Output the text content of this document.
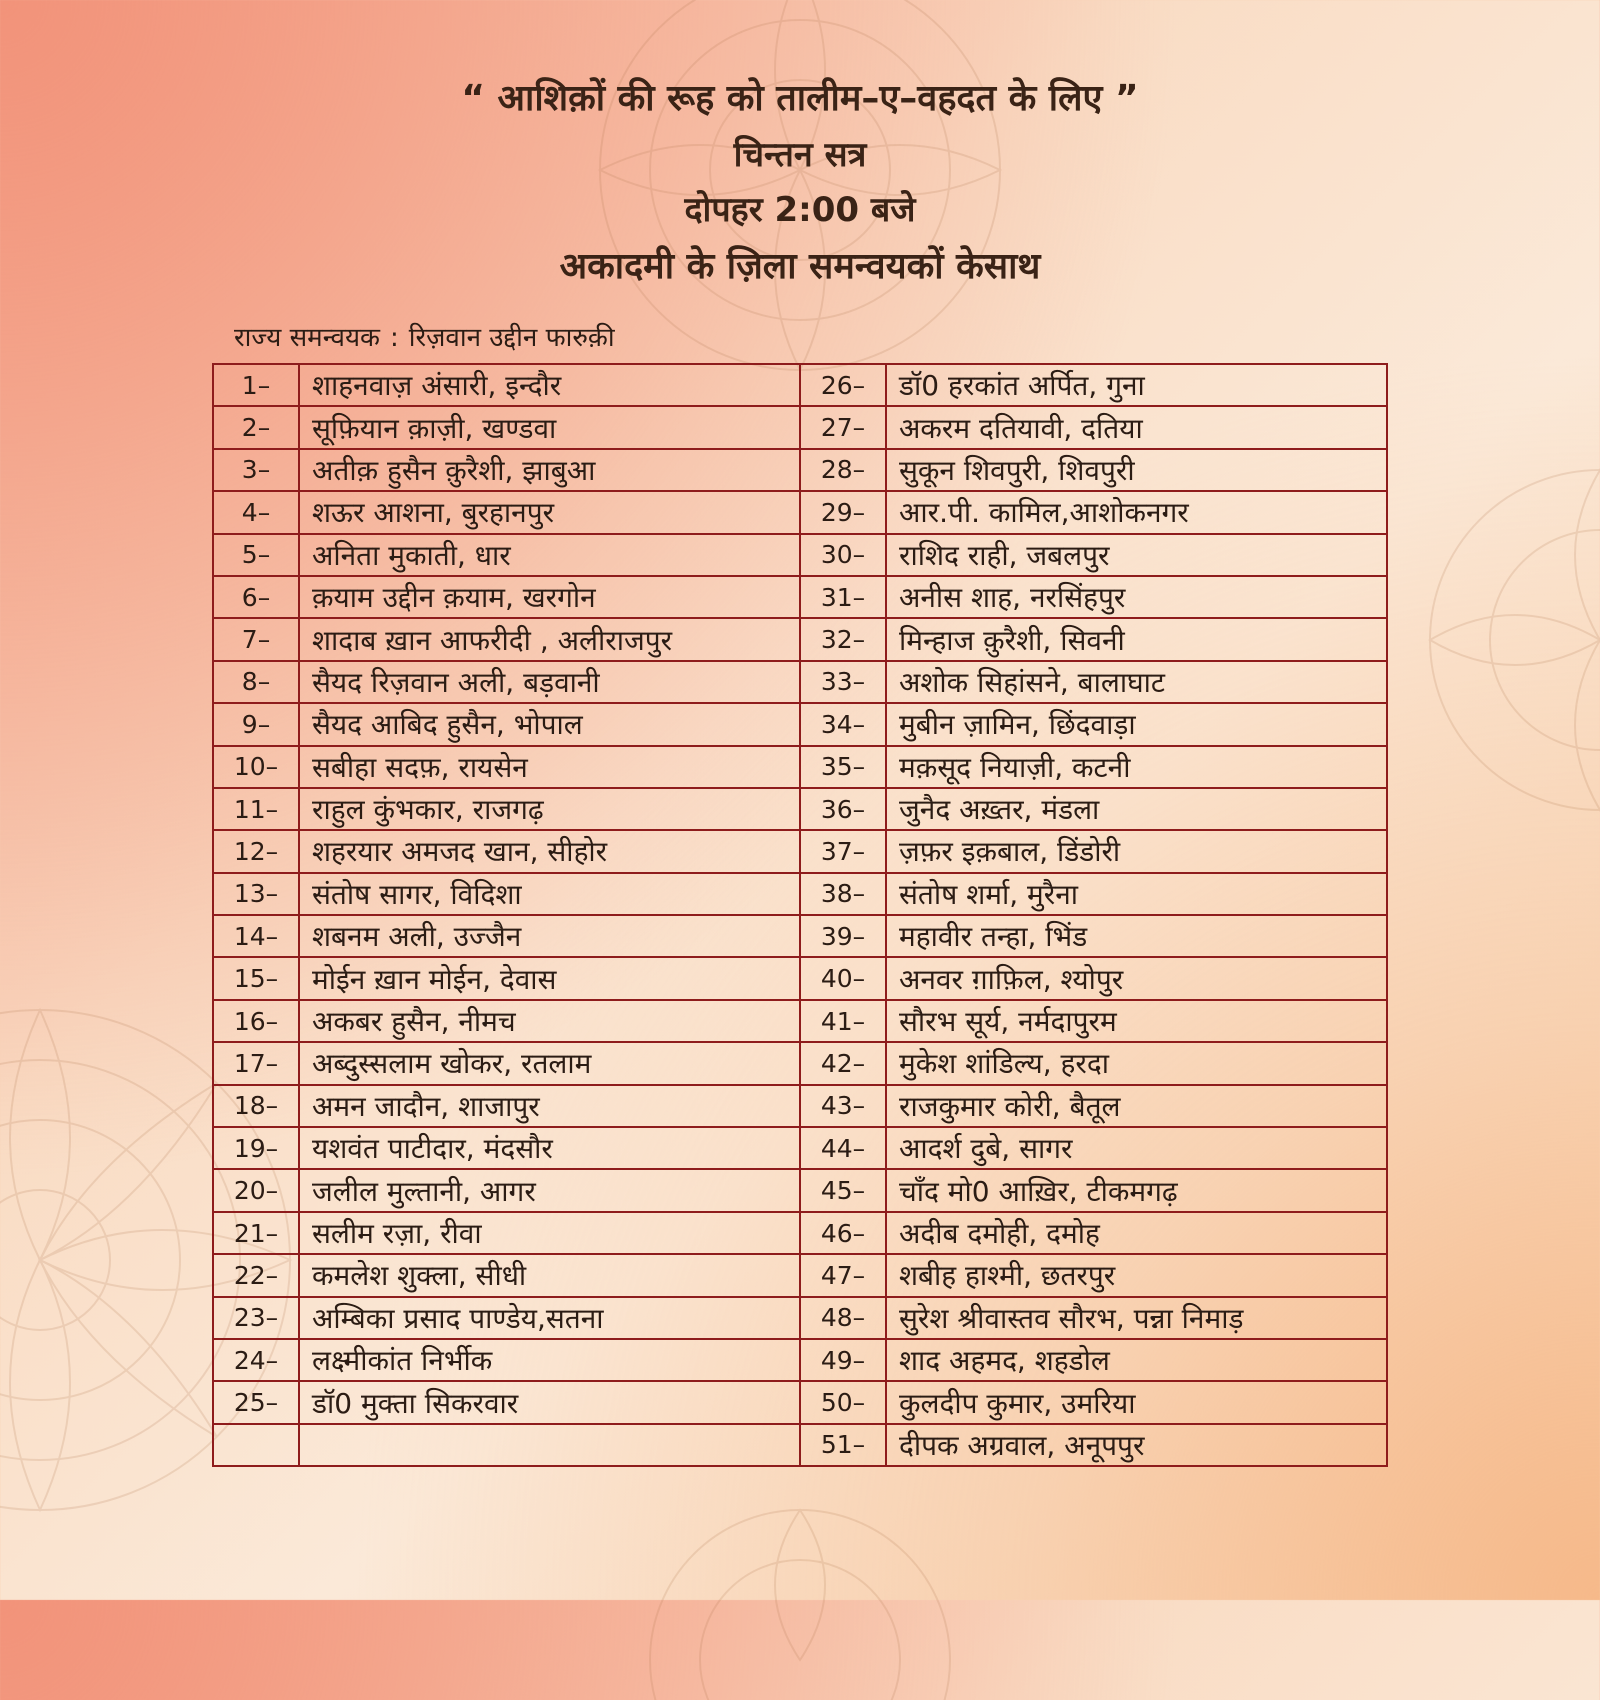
“ आशिक़ों की रूह को तालीम–ए–वहदत के लिए ”
चिन्तन सत्र
दोपहर 2:00 बजे
अकादमी के ज़िला समन्वयकों केसाथ
राज्य समन्वयक : रिज़वान उद्दीन फारुक़ी
1–	शाहनवाज़ अंसारी, इन्दौर	26–	डॉ0 हरकांत अर्पित, गुना
2–	सूफ़ियान क़ाज़ी, खण्डवा	27–	अकरम दतियावी, दतिया
3–	अतीक़ हुसैन क़ुरैशी, झाबुआ	28–	सुकून शिवपुरी, शिवपुरी
4–	शऊर आशना, बुरहानपुर	29–	आर.पी. कामिल,आशोकनगर
5–	अनिता मुकाती, धार	30–	राशिद राही, जबलपुर
6–	क़याम उद्दीन क़याम, खरगोन	31–	अनीस शाह, नरसिंहपुर
7–	शादाब ख़ान आफरीदी , अलीराजपुर	32–	मिन्हाज क़ुरैशी, सिवनी
8–	सैयद रिज़वान अली, बड़वानी	33–	अशोक सिहांसने, बालाघाट
9–	सैयद आबिद हुसैन, भोपाल	34–	मुबीन ज़ामिन, छिंदवाड़ा
10–	सबीहा सदफ़, रायसेन	35–	मक़सूद नियाज़ी, कटनी
11–	राहुल कुंभकार, राजगढ़	36–	जुनैद अख़्तर, मंडला
12–	शहरयार अमजद खान, सीहोर	37–	ज़फ़र इक़बाल, डिंडोरी
13–	संतोष सागर, विदिशा	38–	संतोष शर्मा, मुरैना
14–	शबनम अली, उज्जैन	39–	महावीर तन्हा, भिंड
15–	मोईन ख़ान मोईन, देवास	40–	अनवर ग़ाफ़िल, श्योपुर
16–	अकबर हुसैन, नीमच	41–	सौरभ सूर्य, नर्मदापुरम
17–	अब्दुस्सलाम खोकर, रतलाम	42–	मुकेश शांडिल्य, हरदा
18–	अमन जादौन, शाजापुर	43–	राजकुमार कोरी, बैतूल
19–	यशवंत पाटीदार, मंदसौर	44–	आदर्श दुबे, सागर
20–	जलील मुल्तानी, आगर	45–	चाँद मो0 आख़िर, टीकमगढ़
21–	सलीम रज़ा, रीवा	46–	अदीब दमोही, दमोह
22–	कमलेश शुक्ला, सीधी	47–	शबीह हाश्मी, छतरपुर
23–	अम्बिका प्रसाद पाण्डेय,सतना	48–	सुरेश श्रीवास्तव सौरभ, पन्ना निमाड़
24–	लक्ष्मीकांत निर्भीक	49–	शाद अहमद, शहडोल
25–	डॉ0 मुक्ता सिकरवार	50–	कुलदीप कुमार, उमरिया
		51–	दीपक अग्रवाल, अनूपपुर
